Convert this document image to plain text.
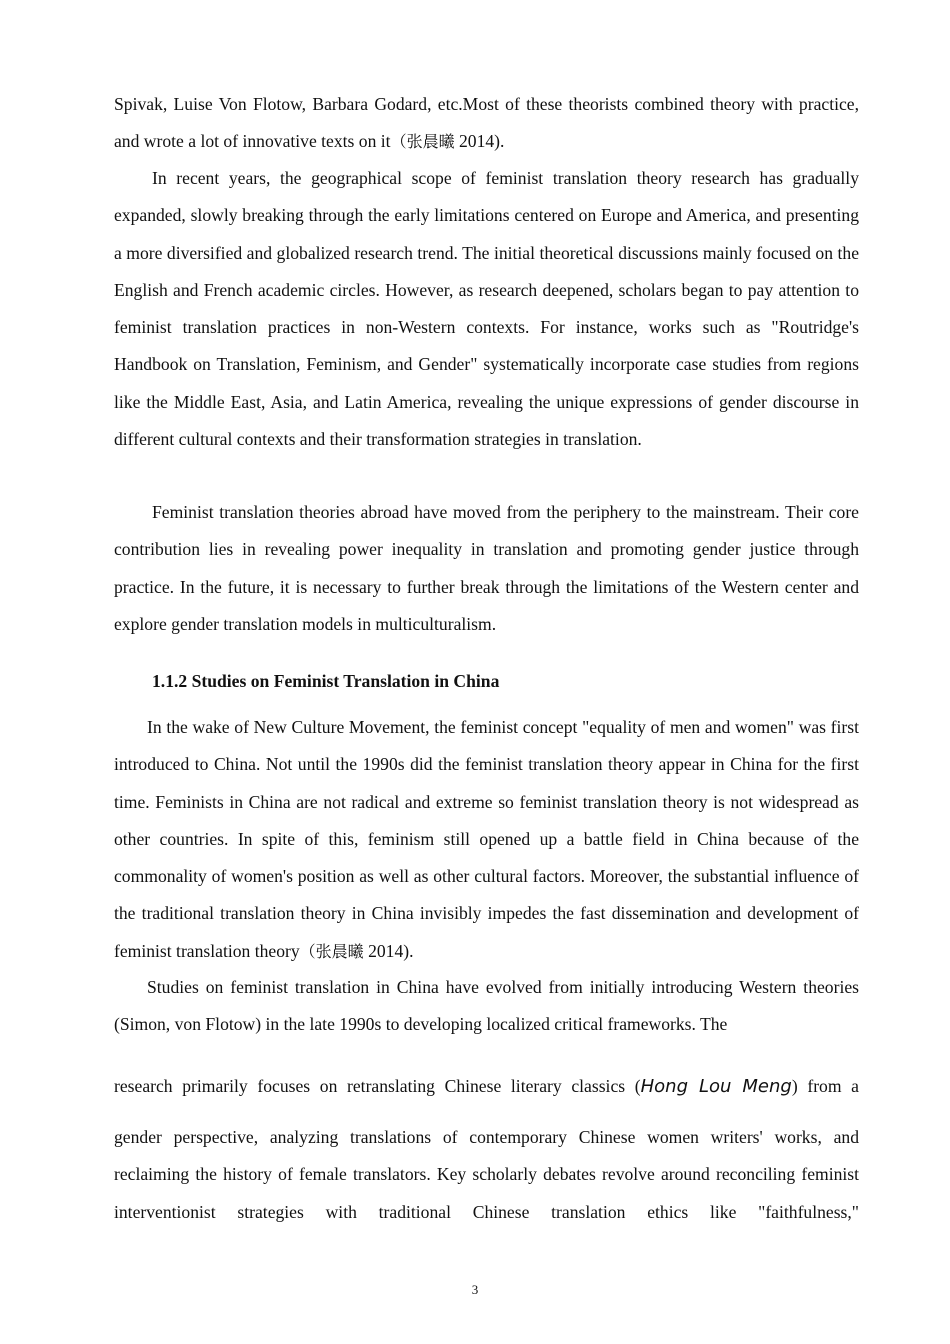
Spivak, Luise Von Flotow, Barbara Godard, etc.Most of these theorists combined theory with practice, and wrote a lot of innovative texts on it（张晨曦 2014).

In recent years, the geographical scope of feminist translation theory research has gradually expanded, slowly breaking through the early limitations centered on Europe and America, and presenting a more diversified and globalized research trend. The initial theoretical discussions mainly focused on the English and French academic circles. However, as research deepened, scholars began to pay attention to feminist translation practices in non-Western contexts. For instance, works such as "Routridge's Handbook on Translation, Feminism, and Gender" systematically incorporate case studies from regions like the Middle East, Asia, and Latin America, revealing the unique expressions of gender discourse in different cultural contexts and their transformation strategies in translation.

Feminist translation theories abroad have moved from the periphery to the mainstream. Their core contribution lies in revealing power inequality in translation and promoting gender justice through practice. In the future, it is necessary to further break through the limitations of the Western center and explore gender translation models in multiculturalism.

1.1.2 Studies on Feminist Translation in China

In the wake of New Culture Movement, the feminist concept "equality of men and women" was first introduced to China. Not until the 1990s did the feminist translation theory appear in China for the first time. Feminists in China are not radical and extreme so feminist translation theory is not widespread as other countries. In spite of this, feminism still opened up a battle field in China because of the commonality of women's position as well as other cultural factors. Moreover, the substantial influence of the traditional translation theory in China invisibly impedes the fast dissemination and development of feminist translation theory（张晨曦 2014).

Studies on feminist translation in China have evolved from initially introducing Western theories (Simon, von Flotow) in the late 1990s to developing localized critical frameworks. The

research primarily focuses on retranslating Chinese literary classics (Hong Lou Meng) from a

gender perspective, analyzing translations of contemporary Chinese women writers' works, and reclaiming the history of female translators. Key scholarly debates revolve around reconciling feminist interventionist strategies with traditional Chinese translation ethics like "faithfulness,"

3
